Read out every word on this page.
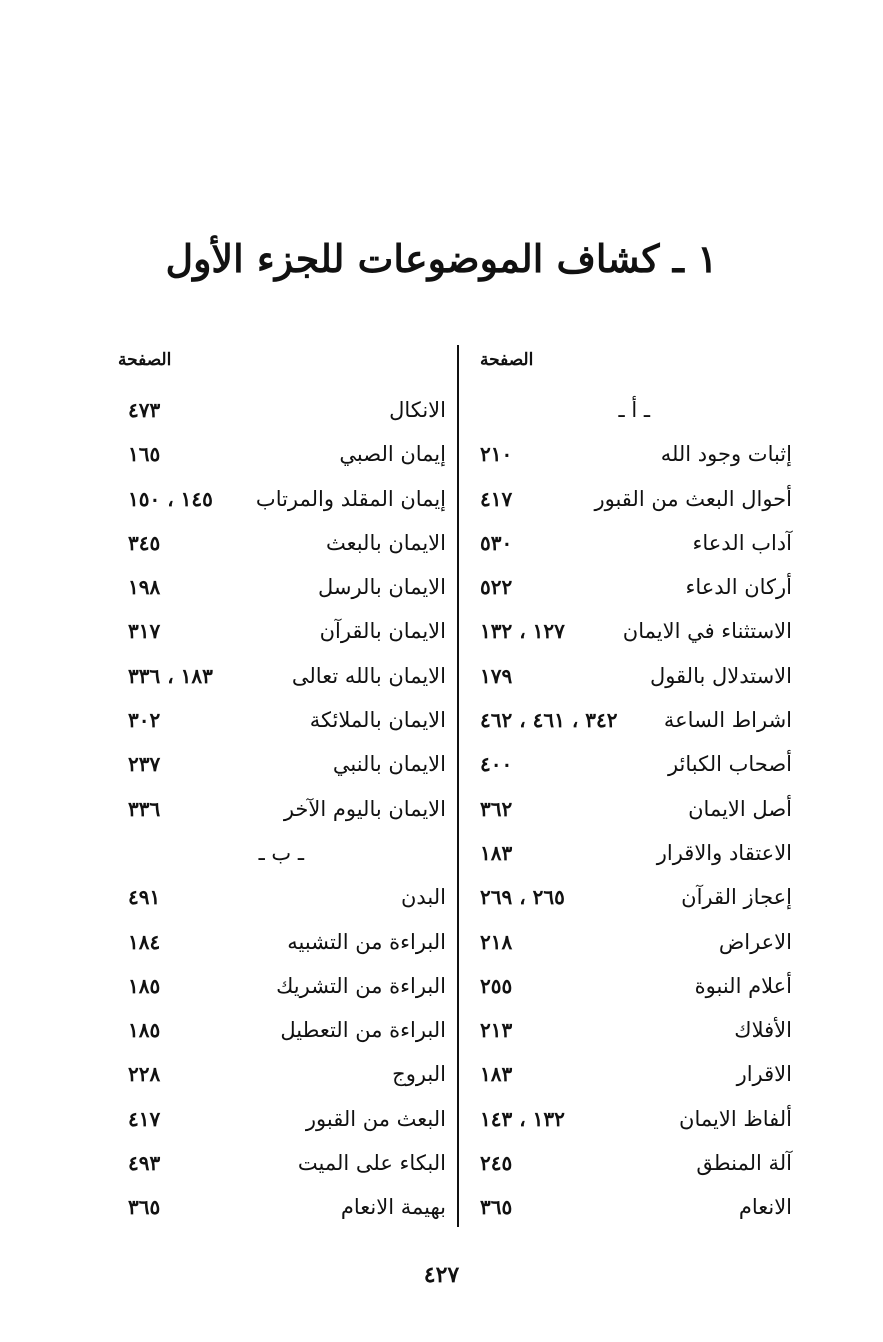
١ ـ كشاف الموضوعات للجزء الأول
الصفحة
ـ أ ـ
إثبات وجود الله
٢١٠
أحوال البعث من القبور
٤١٧
آداب الدعاء
٥٣٠
أركان الدعاء
٥٢٢
الاستثناء في الايمان
١٢٧ ، ١٣٢
الاستدلال بالقول
١٧٩
اشراط الساعة
٣٤٢ ، ٤٦١ ، ٤٦٢
أصحاب الكبائر
٤٠٠
أصل الايمان
٣٦٢
الاعتقاد والاقرار
١٨٣
إعجاز القرآن
٢٦٥ ، ٢٦٩
الاعراض
٢١٨
أعلام النبوة
٢٥٥
الأفلاك
٢١٣
الاقرار
١٨٣
ألفاظ الايمان
١٣٢ ، ١٤٣
آلة المنطق
٢٤٥
الانعام
٣٦٥
الصفحة
الانكال
٤٧٣
إيمان الصبي
١٦٥
إيمان المقلد والمرتاب
١٤٥ ، ١٥٠
الايمان بالبعث
٣٤٥
الايمان بالرسل
١٩٨
الايمان بالقرآن
٣١٧
الايمان بالله تعالى
١٨٣ ، ٣٣٦
الايمان بالملائكة
٣٠٢
الايمان بالنبي
٢٣٧
الايمان باليوم الآخر
٣٣٦
ـ ب ـ
البدن
٤٩١
البراءة من التشبيه
١٨٤
البراءة من التشريك
١٨٥
البراءة من التعطيل
١٨٥
البروج
٢٢٨
البعث من القبور
٤١٧
البكاء على الميت
٤٩٣
بهيمة الانعام
٣٦٥
٤٢٧
